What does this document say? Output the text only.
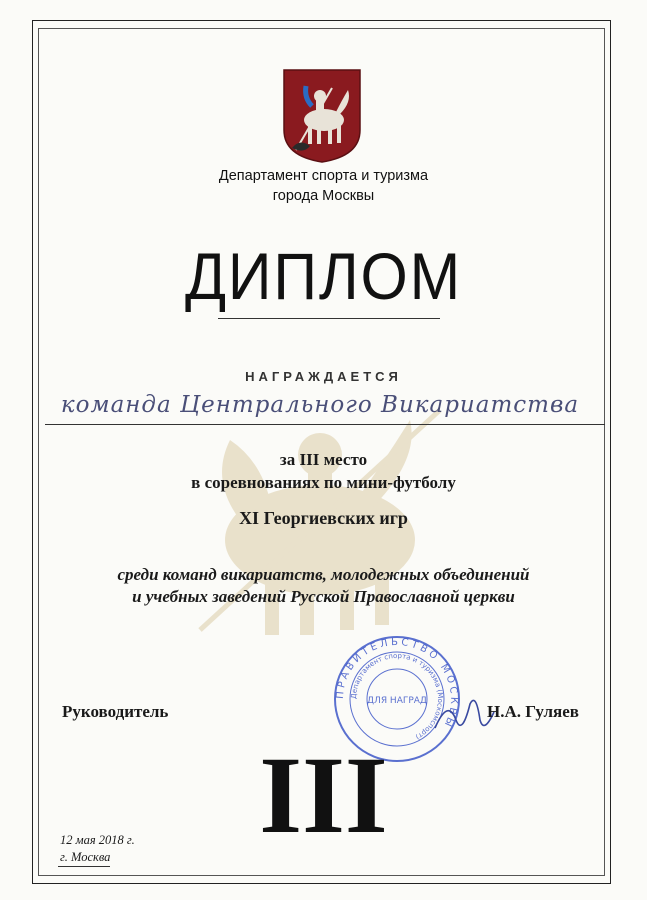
Департамент спорта и туризма
города Москвы
ДИПЛОМ
НАГРАЖДАЕТСЯ
команда Центрального Викариатства
за III место
в соревнованиях по мини-футболу
XI Георгиевских игр
среди команд викариатств, молодежных объединений
и учебных заведений Русской Православной церкви
ПРАВИТЕЛЬСТВО МОСКВЫ
Департамент спорта и туризма (Москомспорт)
ДЛЯ НАГРАД
Руководитель	Н.А. Гуляев
III
12 мая 2018 г.
г. Москва
